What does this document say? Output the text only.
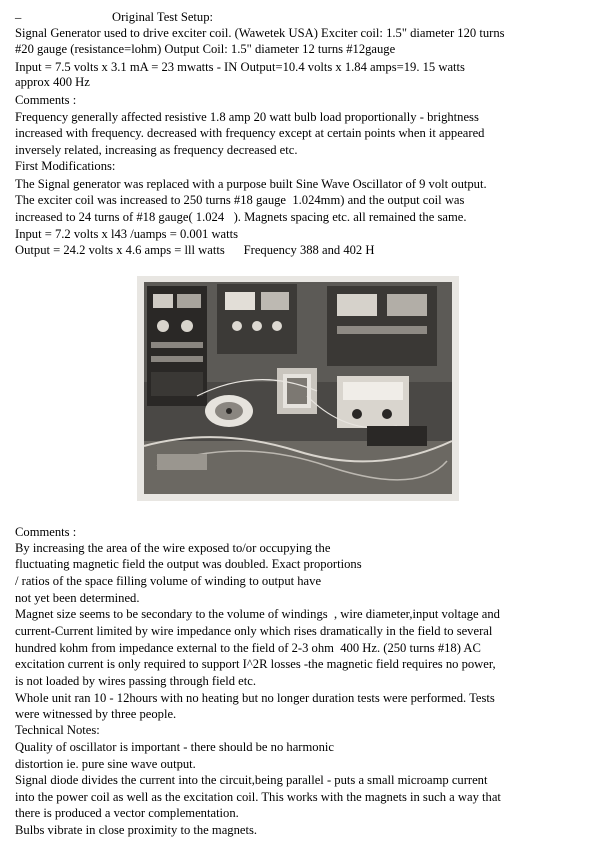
_	Original Test Setup:
Signal Generator used to drive exciter coil. (Wawetek USA) Exciter coil: 1.5" diameter 120 turns
#20 gauge (resistance=lohm) Output Coil: 1.5" diameter 12 turns #12gauge
Input = 7.5 volts x 3.1 mA = 23 mwatts - IN Output=10.4 volts x 1.84 amps=19. 15 watts
approx 400 Hz
Comments :
Frequency generally affected resistive 1.8 amp 20 watt bulb load proportionally - brightness
increased with frequency. decreased with frequency except at certain points when it appeared
inversely related, increasing as frequency decreased etc.
First Modifications:
The Signal generator was replaced with a purpose built Sine Wave Oscillator of 9 volt output.
The exciter coil was increased to 250 turns #18 gauge  1.024mm) and the output coil was
increased to 24 turns of #18 gauge( 1.024   ). Magnets spacing etc. all remained the same.
Input = 7.2 volts x l43 /uamps = 0.001 watts
Output = 24.2 volts x 4.6 amps = lll watts      Frequency 388 and 402 H
Comments :
By increasing the area of the wire exposed to/or occupying the
fluctuating magnetic field the output was doubled. Exact proportions
/ ratios of the space filling volume of winding to output have
not yet been determined.
Magnet size seems to be secondary to the volume of windings  , wire diameter,input voltage and
current-Current limited by wire impedance only which rises dramatically in the field to several
hundred kohm from impedance external to the field of 2-3 ohm  400 Hz. (250 turns #18) AC
excitation current is only required to support I^2R losses -the magnetic field requires no power,
is not loaded by wires passing through field etc.
Whole unit ran 10 - 12hours with no heating but no longer duration tests were performed. Tests
were witnessed by three people.
Technical Notes:
Quality of oscillator is important - there should be no harmonic
distortion ie. pure sine wave output.
Signal diode divides the current into the circuit,being parallel - puts a small microamp current
into the power coil as well as the excitation coil. This works with the magnets in such a way that
there is produced a vector complementation.
Bulbs vibrate in close proximity to the magnets.
